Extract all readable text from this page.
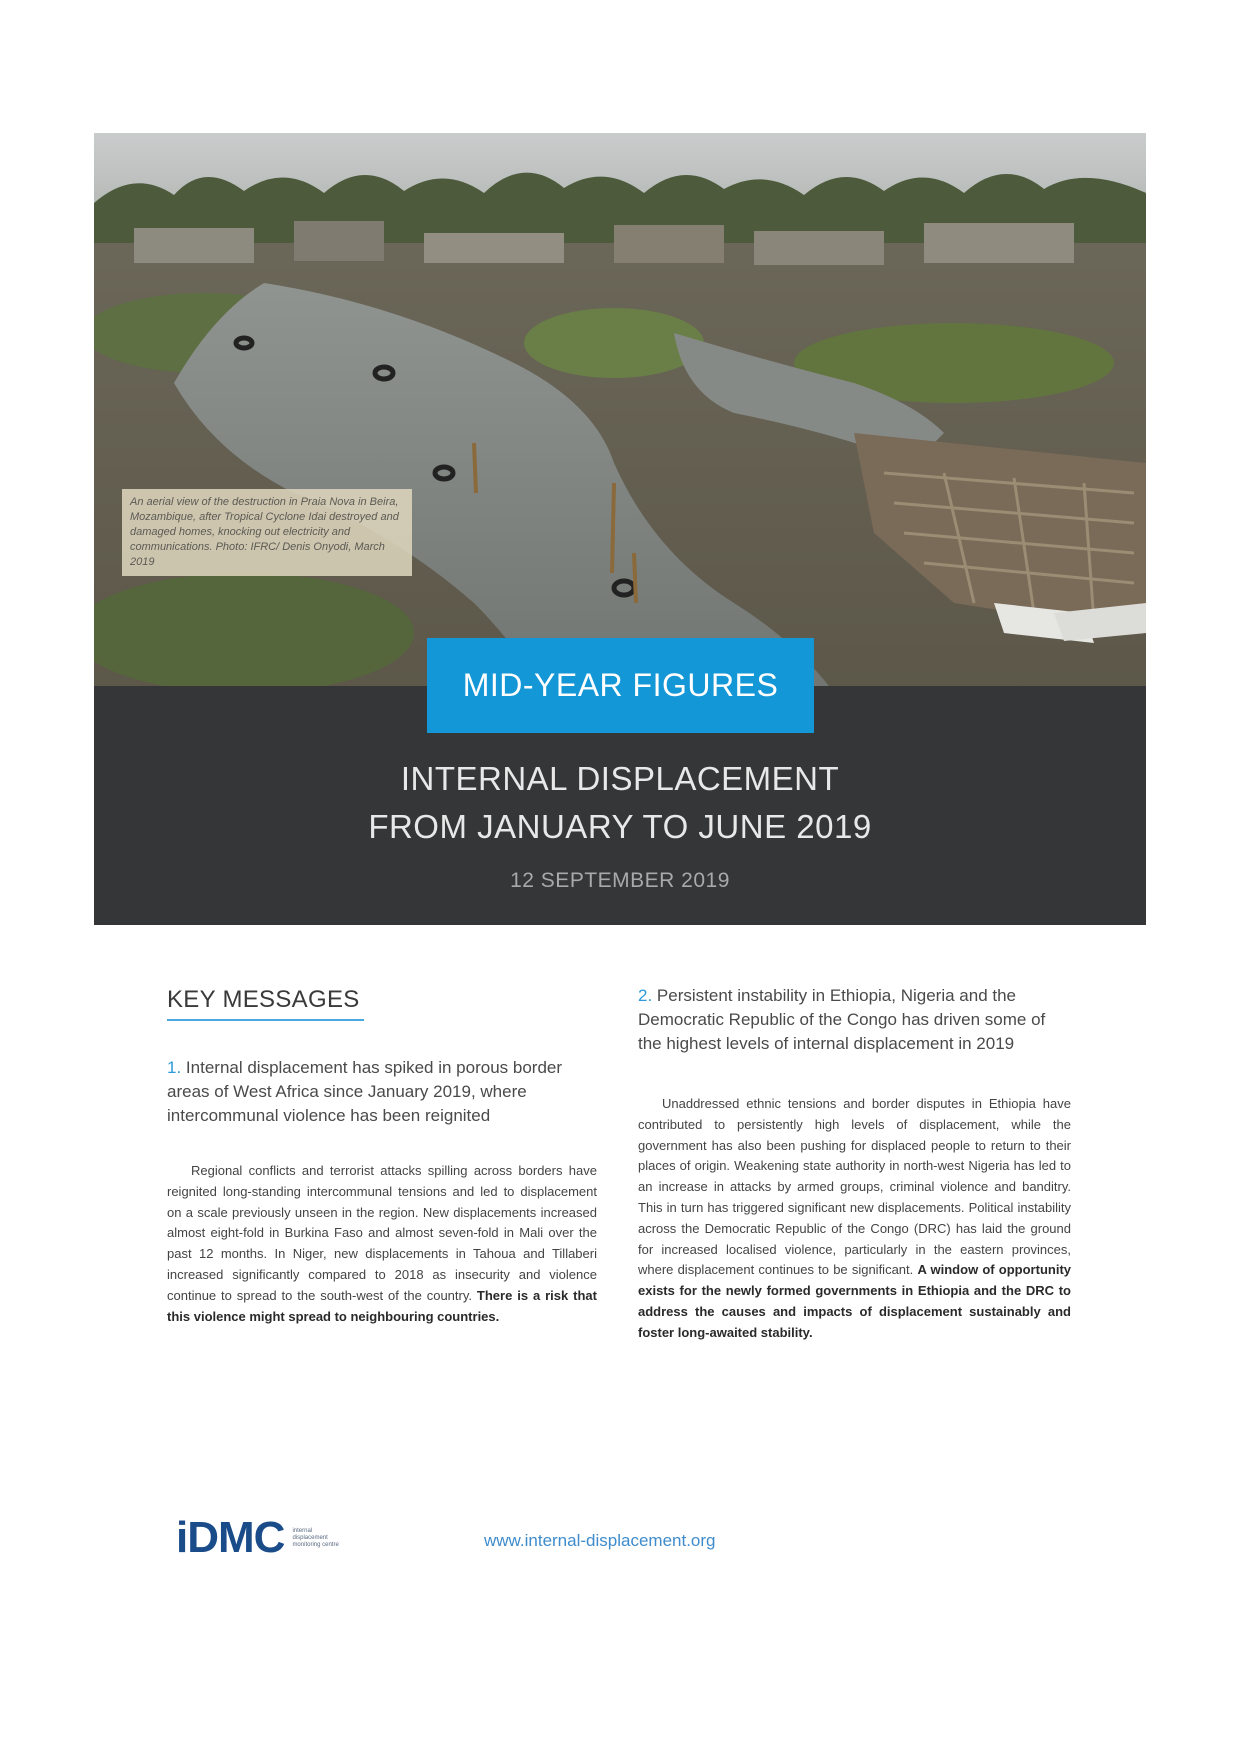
An aerial view of the destruction in Praia Nova in Beira, Mozambique, after Tropical Cyclone Idai destroyed and damaged homes, knocking out electricity and communications. Photo: IFRC/ Denis Onyodi, March 2019
MID-YEAR FIGURES
INTERNAL DISPLACEMENT
FROM JANUARY TO JUNE 2019
12 SEPTEMBER 2019
KEY MESSAGES
1. Internal displacement has spiked in porous border areas of West Africa since January 2019, where intercommunal violence has been reignited

Regional conflicts and terrorist attacks spilling across borders have reignited long-standing intercommunal tensions and led to displacement on a scale previously unseen in the region. New displacements increased almost eight-fold in Burkina Faso and almost seven-fold in Mali over the past 12 months. In Niger, new displacements in Tahoua and Tillaberi increased significantly compared to 2018 as insecurity and violence continue to spread to the south-west of the country. There is a risk that this violence might spread to neighbouring countries.

2. Persistent instability in Ethiopia, Nigeria and the Democratic Republic of the Congo has driven some of the highest levels of internal displacement in 2019

Unaddressed ethnic tensions and border disputes in Ethiopia have contributed to persistently high levels of displacement, while the government has also been pushing for displaced people to return to their places of origin. Weakening state authority in north-west Nigeria has led to an increase in attacks by armed groups, criminal violence and banditry. This in turn has triggered significant new displacements. Political instability across the Democratic Republic of the Congo (DRC) has laid the ground for increased localised violence, particularly in the eastern provinces, where displacement continues to be significant. A window of opportunity exists for the newly formed governments in Ethiopia and the DRC to address the causes and impacts of displacement sustainably and foster long-awaited stability.

iDMC internal displacement monitoring centre	www.internal-displacement.org
